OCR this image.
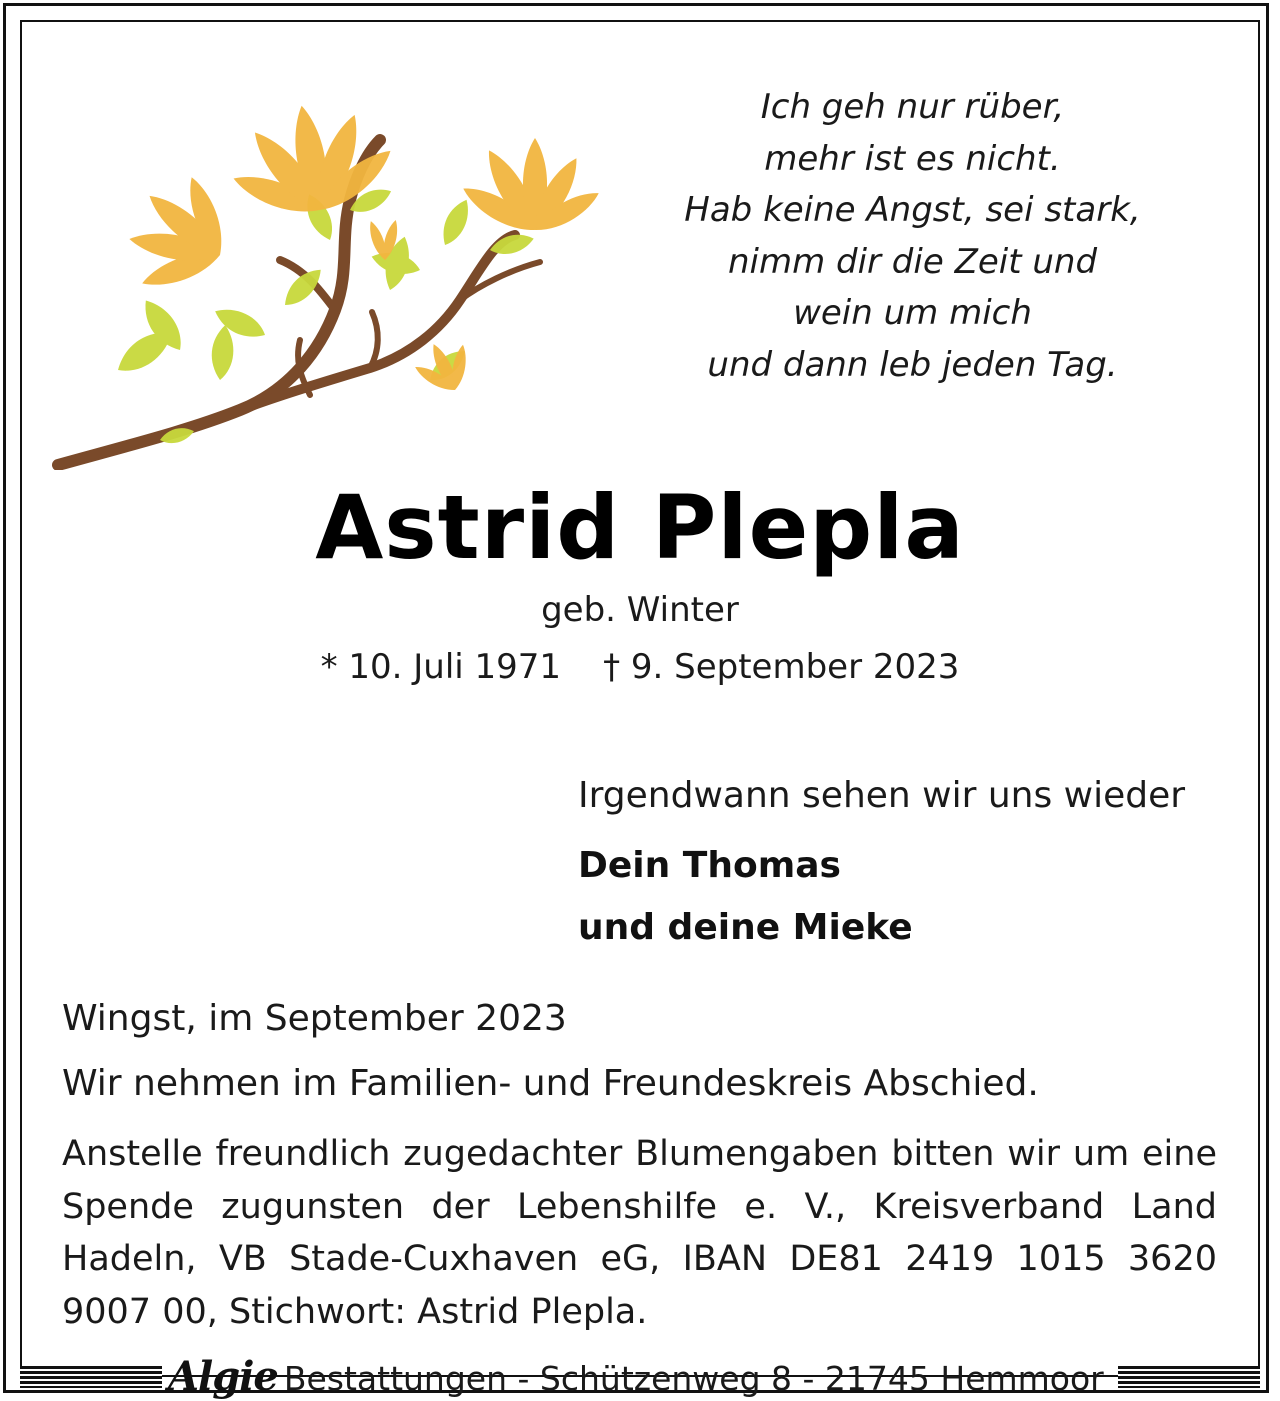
Ich geh nur rüber,
mehr ist es nicht.
Hab keine Angst, sei stark,
nimm dir die Zeit und
wein um mich
und dann leb jeden Tag.
Astrid Plepla
geb. Winter
* 10. Juli 1971 † 9. September 2023
Irgendwann sehen wir uns wieder
Dein Thomas
und deine Mieke
Wingst, im September 2023
Wir nehmen im Familien- und Freundeskreis Abschied.

Anstelle freundlich zugedachter Blumengaben bitten wir um eine Spende zugunsten der Lebenshilfe e. V., Kreisverband Land Hadeln, VB Stade-Cuxhaven eG, IBAN DE81 2419 1015 3620 9007 00, Stichwort: Astrid Plepla.

Algie Bestattungen - Schützenweg 8 - 21745 Hemmoor
